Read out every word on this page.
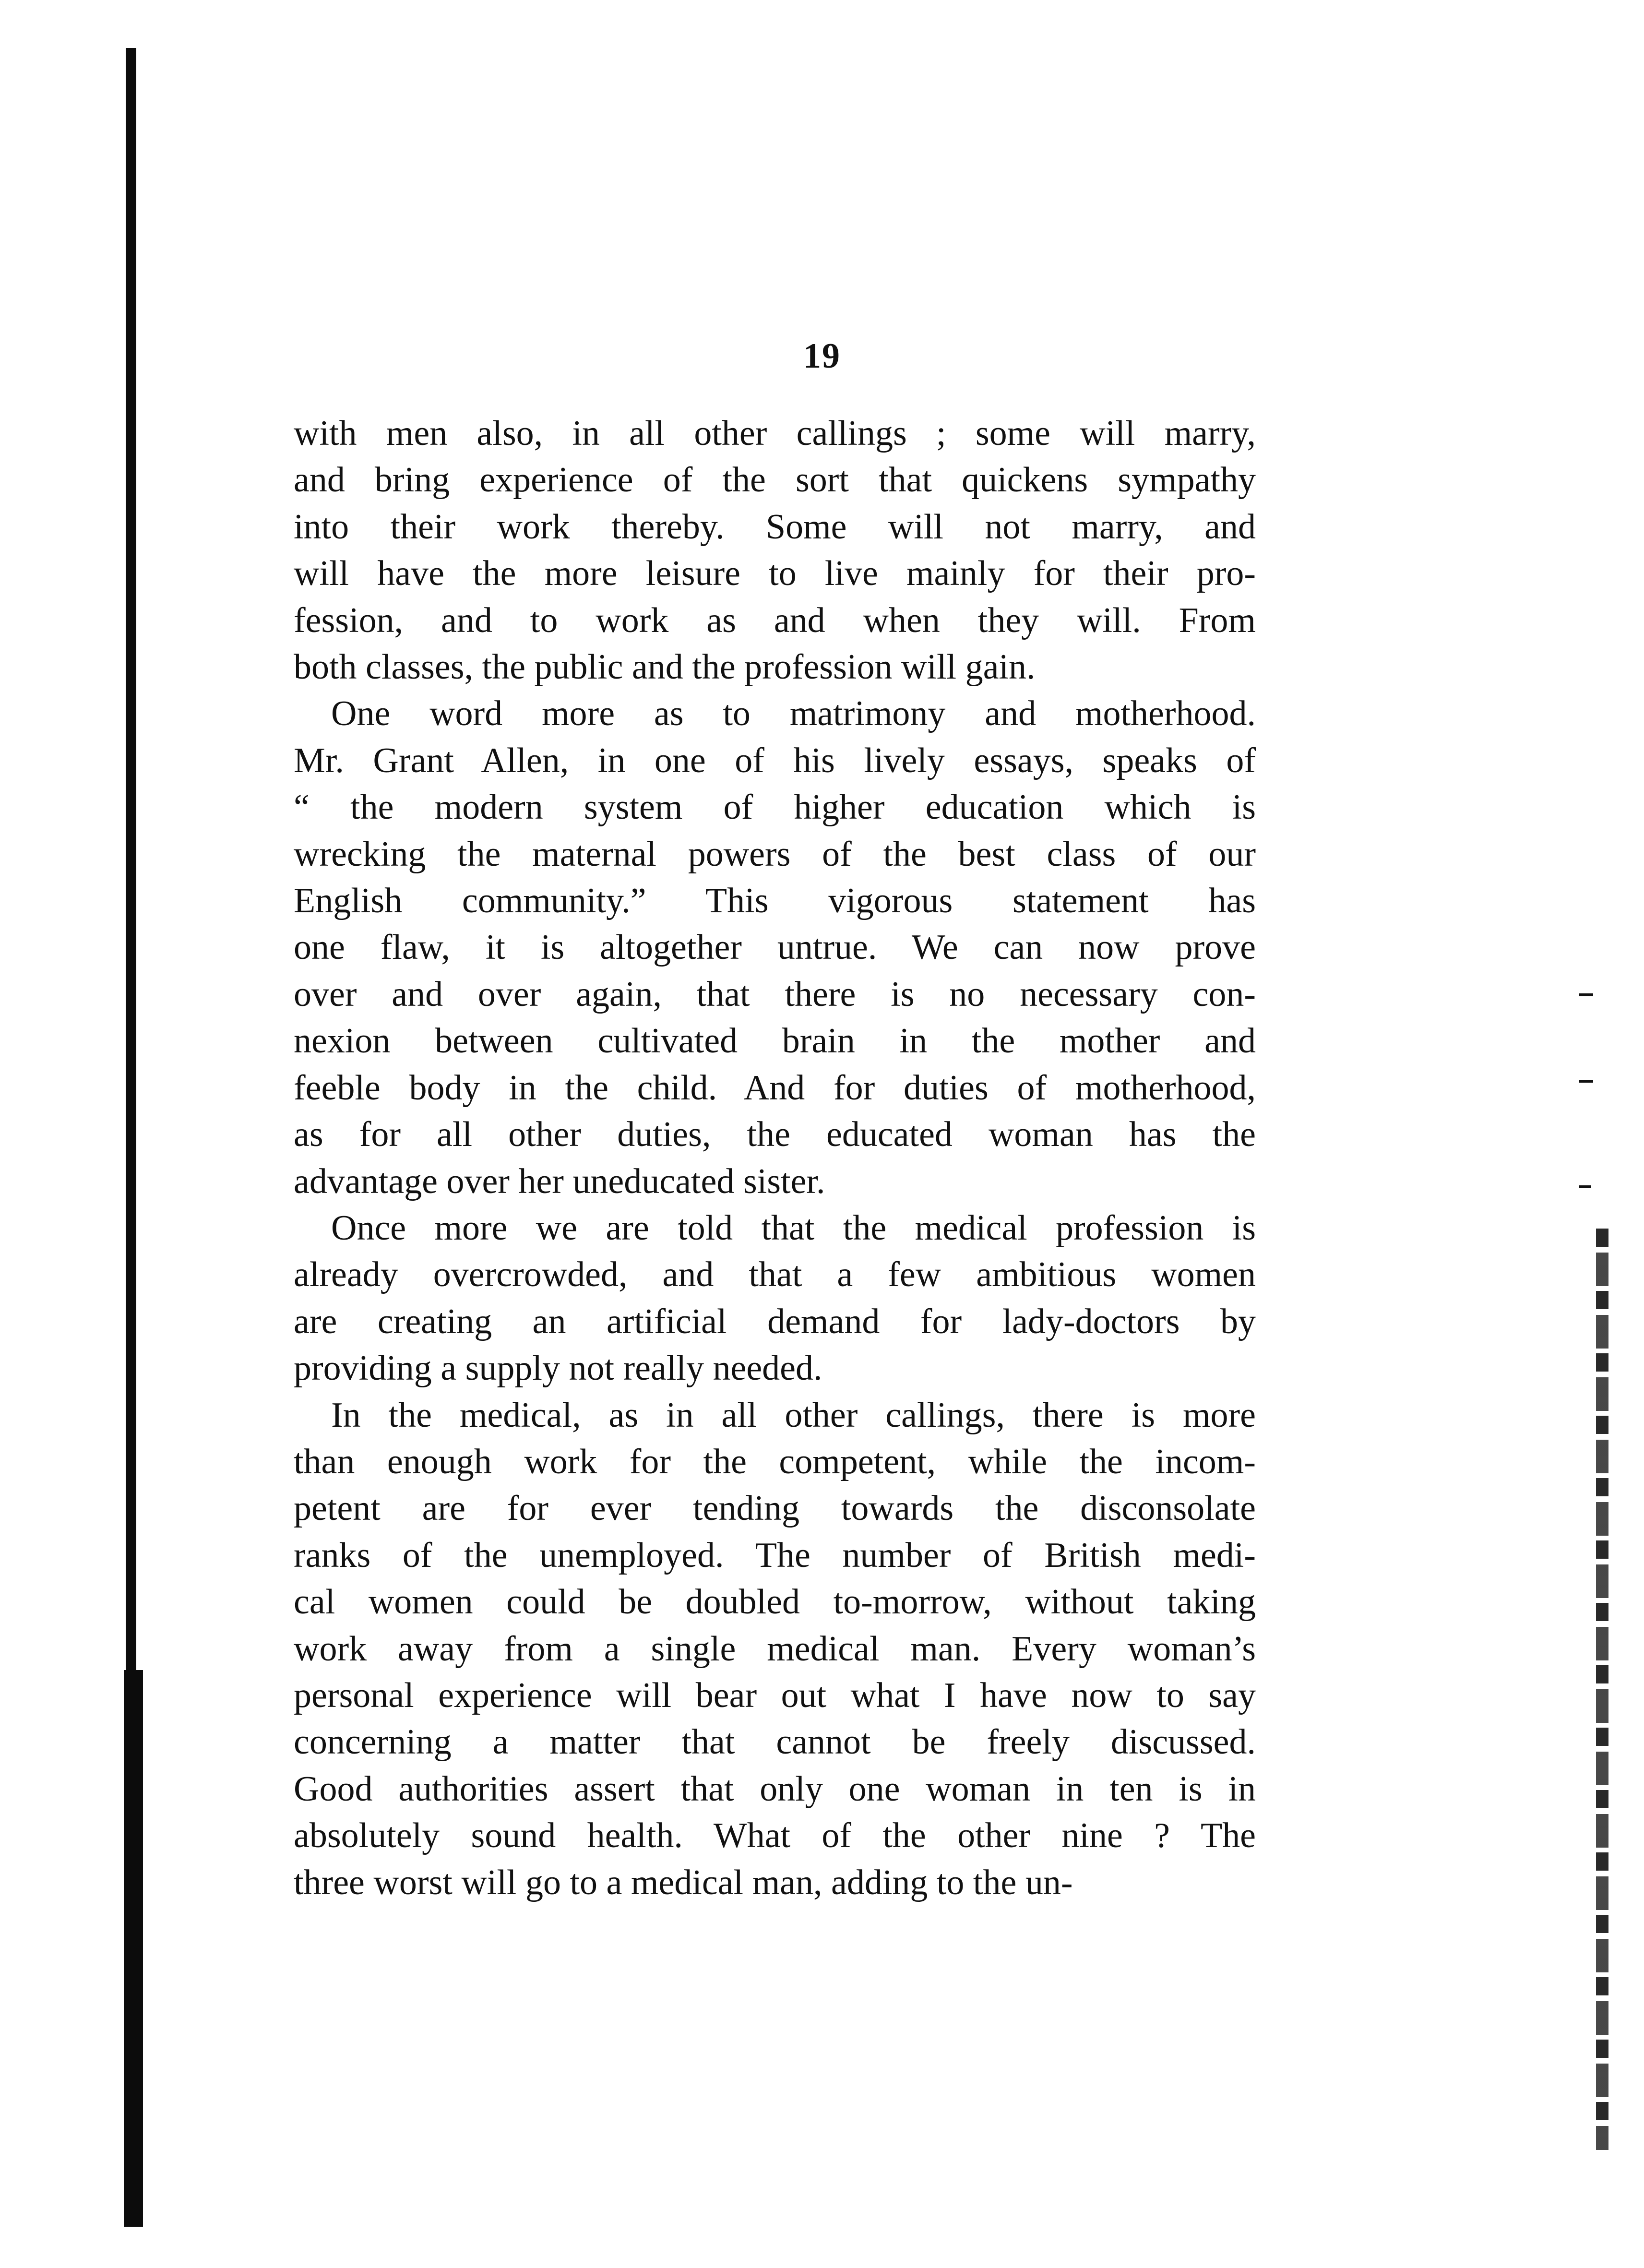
19

with men also, in all other callings ; some will marry,
and bring experience of the sort that quickens sympathy
into their work thereby. Some will not marry, and
will have the more leisure to live mainly for their pro-
fession, and to work as and when they will. From
both classes, the public and the profession will gain.

One word more as to matrimony and motherhood.
Mr. Grant Allen, in one of his lively essays, speaks of
“ the modern system of higher education which is
wrecking the maternal powers of the best class of our
English community.” This vigorous statement has
one flaw, it is altogether untrue. We can now prove
over and over again, that there is no necessary con-
nexion between cultivated brain in the mother and
feeble body in the child. And for duties of motherhood,
as for all other duties, the educated woman has the
advantage over her uneducated sister.

Once more we are told that the medical profession is
already overcrowded, and that a few ambitious women
are creating an artificial demand for lady-doctors by
providing a supply not really needed.

In the medical, as in all other callings, there is more
than enough work for the competent, while the incom-
petent are for ever tending towards the disconsolate
ranks of the unemployed. The number of British medi-
cal women could be doubled to-morrow, without taking
work away from a single medical man. Every woman’s
personal experience will bear out what I have now to say
concerning a matter that cannot be freely discussed.
Good authorities assert that only one woman in ten is in
absolutely sound health. What of the other nine ? The
three worst will go to a medical man, adding to the un-
